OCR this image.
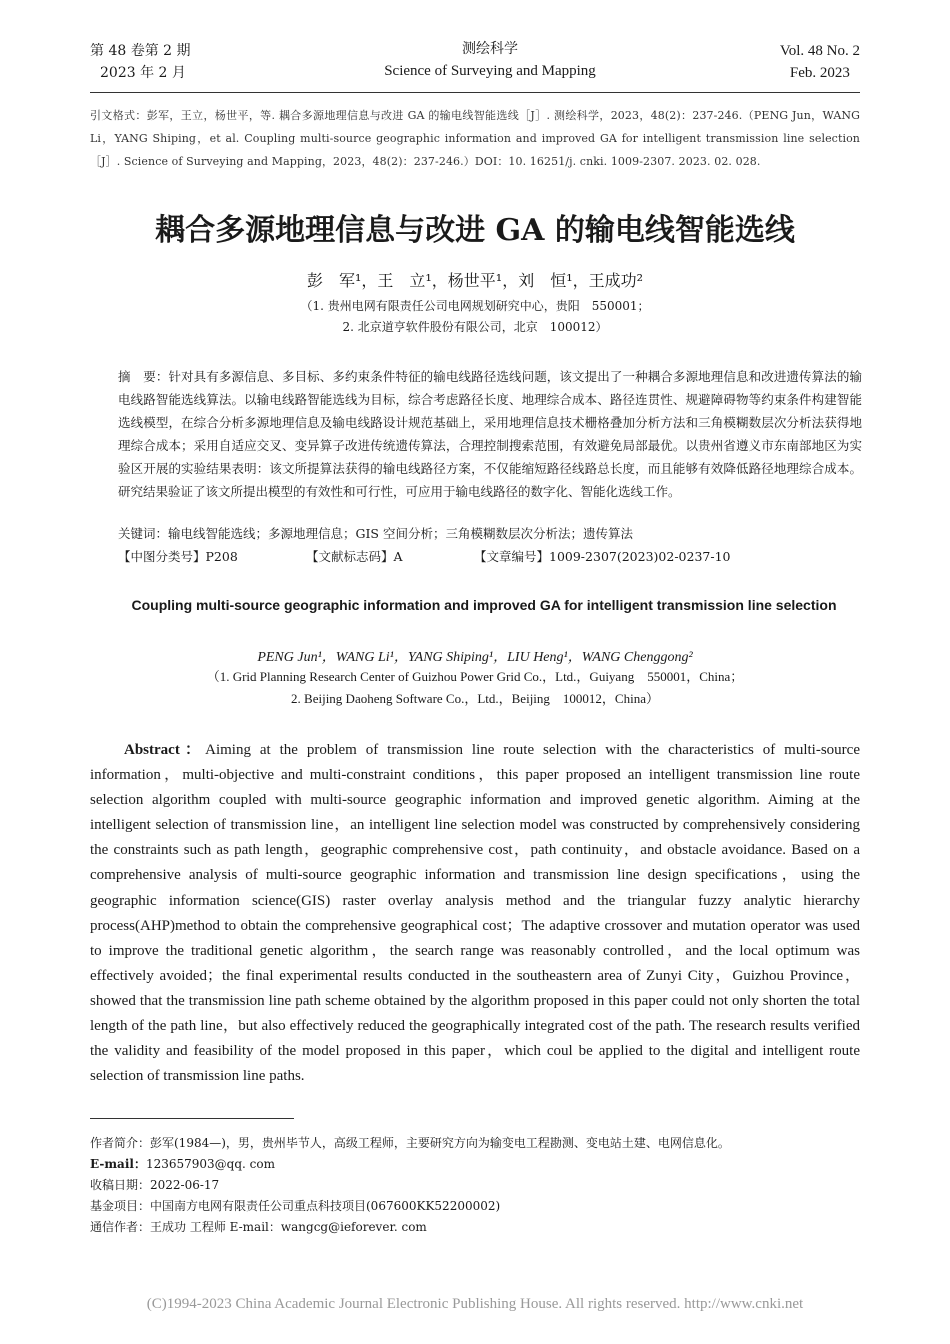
第 48 卷第 2 期
2023 年 2 月
测绘科学
Science of Surveying and Mapping
Vol. 48 No. 2
Feb. 2023
引文格式：彭军，王立，杨世平，等. 耦合多源地理信息与改进 GA 的输电线智能选线［J］. 测绘科学，2023，48(2)：237-246.（PENG Jun，WANG Li，YANG Shiping，et al. Coupling multi-source geographic information and improved GA for intelligent transmission line selection［J］. Science of Surveying and Mapping，2023，48(2)：237-246.）DOI：10. 16251/j. cnki. 1009-2307. 2023. 02. 028.
耦合多源地理信息与改进 GA 的输电线智能选线
彭　军¹，王　立¹，杨世平¹，刘　恒¹，王成功²
（1. 贵州电网有限责任公司电网规划研究中心，贵阳　550001；
2. 北京道亨软件股份有限公司，北京　100012）
摘　要：针对具有多源信息、多目标、多约束条件特征的输电线路径选线问题，该文提出了一种耦合多源地理信息和改进遗传算法的输电线路智能选线算法。以输电线路智能选线为目标，综合考虑路径长度、地理综合成本、路径连贯性、规避障碍物等约束条件构建智能选线模型，在综合分析多源地理信息及输电线路设计规范基础上，采用地理信息技术栅格叠加分析方法和三角模糊数层次分析法获得地理综合成本；采用自适应交叉、变异算子改进传统遗传算法，合理控制搜索范围，有效避免局部最优。以贵州省遵义市东南部地区为实验区开展的实验结果表明：该文所提算法获得的输电线路径方案，不仅能缩短路径线路总长度，而且能够有效降低路径地理综合成本。研究结果验证了该文所提出模型的有效性和可行性，可应用于输电线路径的数字化、智能化选线工作。
关键词：输电线智能选线；多源地理信息；GIS 空间分析；三角模糊数层次分析法；遗传算法
【中图分类号】P208	【文献标志码】A	【文章编号】1009-2307(2023)02-0237-10
Coupling multi-source geographic information and improved GA for intelligent transmission line selection
PENG Jun¹，WANG Li¹，YANG Shiping¹，LIU Heng¹，WANG Chenggong²
（1. Grid Planning Research Center of Guizhou Power Grid Co.，Ltd.，Guiyang　550001，China；
2. Beijing Daoheng Software Co.，Ltd.，Beijing　100012，China）
Abstract：Aiming at the problem of transmission line route selection with the characteristics of multi-source information，multi-objective and multi-constraint conditions，this paper proposed an intelligent transmission line route selection algorithm coupled with multi-source geographic information and improved genetic algorithm. Aiming at the intelligent selection of transmission line，an intelligent line selection model was constructed by comprehensively considering the constraints such as path length，geographic comprehensive cost，path continuity，and obstacle avoidance. Based on a comprehensive analysis of multi-source geographic information and transmission line design specifications，using the geographic information science(GIS) raster overlay analysis method and the triangular fuzzy analytic hierarchy process(AHP)method to obtain the comprehensive geographical cost；The adaptive crossover and mutation operator was used to improve the traditional genetic algorithm，the search range was reasonably controlled，and the local optimum was effectively avoided；the final experimental results conducted in the southeastern area of Zunyi City，Guizhou Province，showed that the transmission line path scheme obtained by the algorithm proposed in this paper could not only shorten the total length of the path line，but also effectively reduced the geographically integrated cost of the path. The research results verified the validity and feasibility of the model proposed in this paper，which coul be applied to the digital and intelligent route selection of transmission line paths.
作者简介：彭军(1984—)，男，贵州毕节人，高级工程师，主要研究方向为输变电工程勘测、变电站土建、电网信息化。
E-mail：123657903@qq. com
收稿日期：2022-06-17
基金项目：中国南方电网有限责任公司重点科技项目(067600KK52200002)
通信作者：王成功 工程师 E-mail：wangcg@ieforever. com
(C)1994-2023 China Academic Journal Electronic Publishing House. All rights reserved. http://www.cnki.net
